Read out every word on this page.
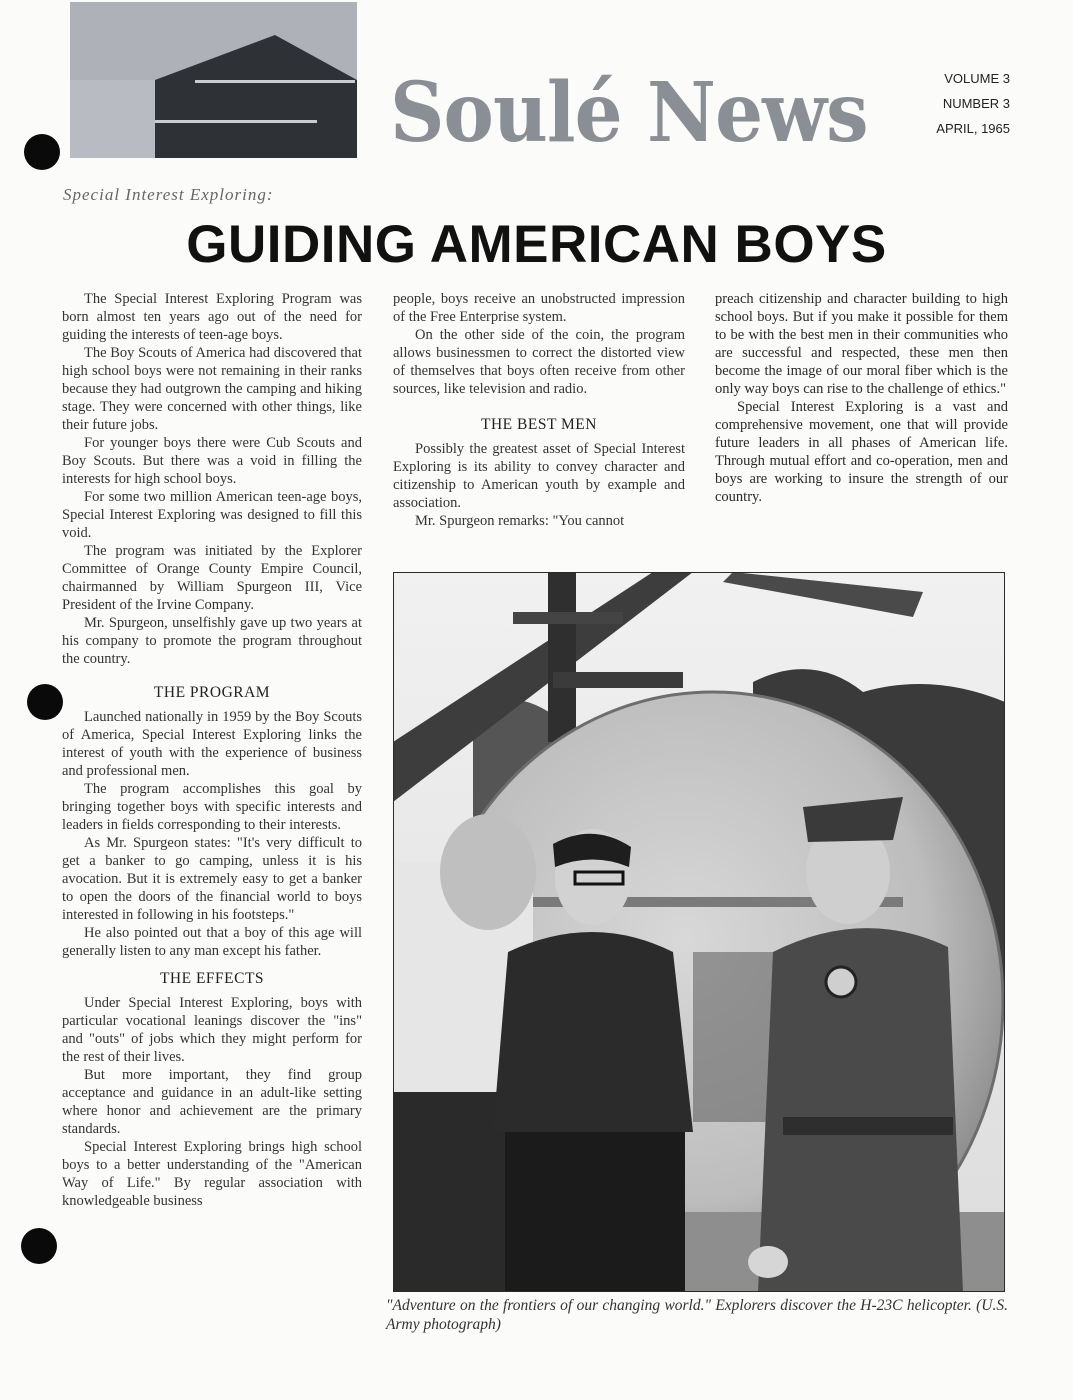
Soulé News	VOLUME 3
NUMBER 3
APRIL, 1965
Special Interest Exploring:
GUIDING AMERICAN BOYS

The Special Interest Exploring Program was born almost ten years ago out of the need for guiding the interests of teen-age boys.

The Boy Scouts of America had discovered that high school boys were not remaining in their ranks because they had outgrown the camping and hiking stage. They were concerned with other things, like their future jobs.

For younger boys there were Cub Scouts and Boy Scouts. But there was a void in filling the interests for high school boys.

For some two million American teen-age boys, Special Interest Exploring was designed to fill this void.

The program was initiated by the Explorer Committee of Orange County Empire Council, chairmanned by William Spurgeon III, Vice President of the Irvine Company.

Mr. Spurgeon, unselfishly gave up two years at his company to promote the program throughout the country.

THE PROGRAM

Launched nationally in 1959 by the Boy Scouts of America, Special Interest Exploring links the interest of youth with the experience of business and professional men.

The program accomplishes this goal by bringing together boys with specific interests and leaders in fields corresponding to their interests.

As Mr. Spurgeon states: "It's very difficult to get a banker to go camping, unless it is his avocation. But it is extremely easy to get a banker to open the doors of the financial world to boys interested in following in his footsteps."

He also pointed out that a boy of this age will generally listen to any man except his father.

THE EFFECTS

Under Special Interest Exploring, boys with particular vocational leanings discover the "ins" and "outs" of jobs which they might perform for the rest of their lives.

But more important, they find group acceptance and guidance in an adult-like setting where honor and achievement are the primary standards.

Special Interest Exploring brings high school boys to a better understanding of the "American Way of Life." By regular association with knowledgeable business

people, boys receive an unobstructed impression of the Free Enterprise system.

On the other side of the coin, the program allows businessmen to correct the distorted view of themselves that boys often receive from other sources, like television and radio.

THE BEST MEN

Possibly the greatest asset of Special Interest Exploring is its ability to convey character and citizenship to American youth by example and association.

Mr. Spurgeon remarks: "You cannot

preach citizenship and character building to high school boys. But if you make it possible for them to be with the best men in their communities who are successful and respected, these men then become the image of our moral fiber which is the only way boys can rise to the challenge of ethics."

Special Interest Exploring is a vast and comprehensive movement, one that will provide future leaders in all phases of American life. Through mutual effort and co-operation, men and boys are working to insure the strength of our country.

"Adventure on the frontiers of our changing world." Explorers discover the H-23C helicopter. (U.S. Army photograph)
